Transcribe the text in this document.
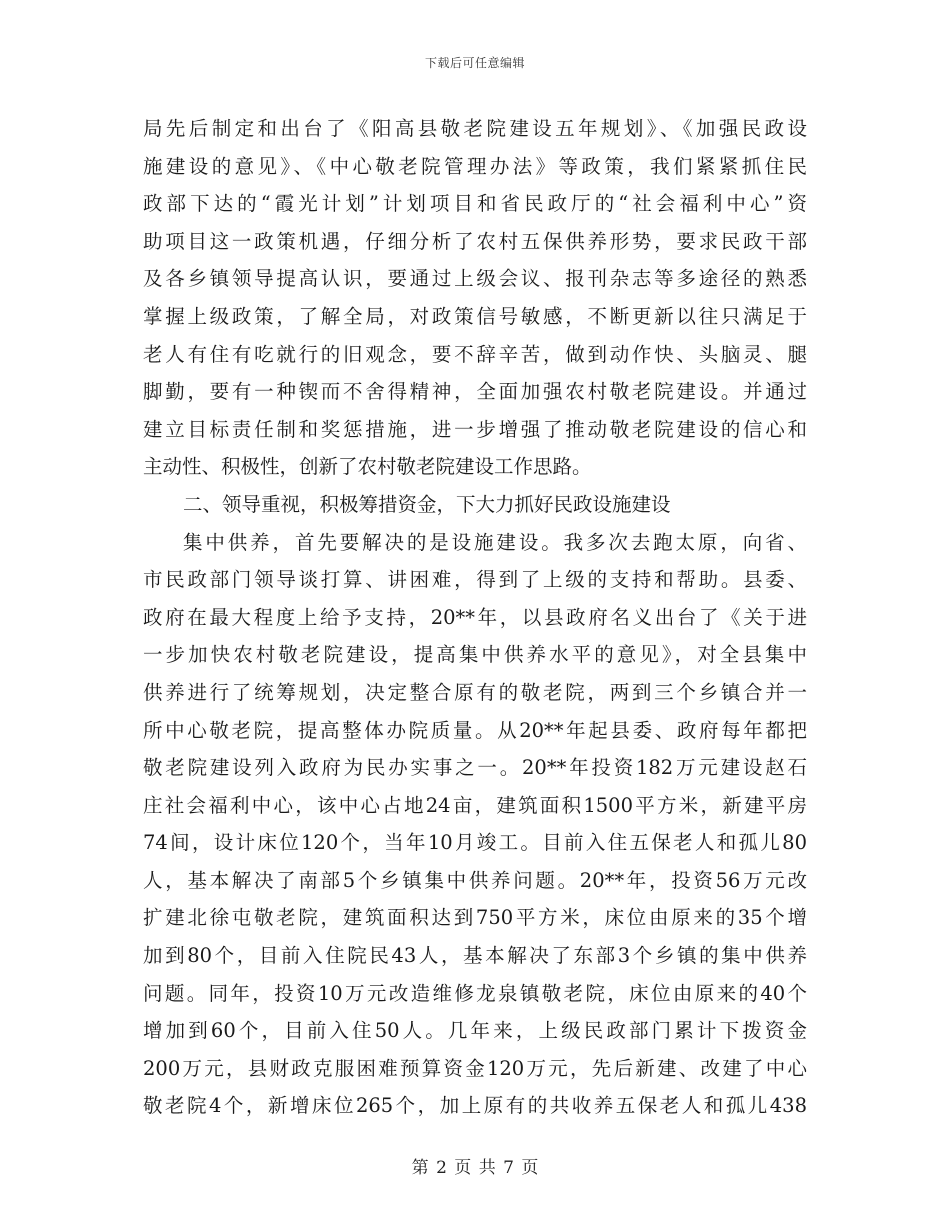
下载后可任意编辑
局先后制定和出台了《阳高县敬老院建设五年规划》、《加强民政设
施建设的意见》、《中心敬老院管理办法》等政策，我们紧紧抓住民
政部下达的“霞光计划”计划项目和省民政厅的“社会福利中心”资
助项目这一政策机遇，仔细分析了农村五保供养形势，要求民政干部
及各乡镇领导提高认识，要通过上级会议、报刊杂志等多途径的熟悉
掌握上级政策，了解全局，对政策信号敏感，不断更新以往只满足于
老人有住有吃就行的旧观念，要不辞辛苦，做到动作快、头脑灵、腿
脚勤，要有一种锲而不舍得精神，全面加强农村敬老院建设。并通过
建立目标责任制和奖惩措施，进一步增强了推动敬老院建设的信心和
主动性、积极性，创新了农村敬老院建设工作思路。
二、领导重视，积极筹措资金，下大力抓好民政设施建设
集中供养，首先要解决的是设施建设。我多次去跑太原，向省、
市民政部门领导谈打算、讲困难，得到了上级的支持和帮助。县委、
政府在最大程度上给予支持，20**年，以县政府名义出台了《关于进
一步加快农村敬老院建设，提高集中供养水平的意见》，对全县集中
供养进行了统筹规划，决定整合原有的敬老院，两到三个乡镇合并一
所中心敬老院，提高整体办院质量。从20**年起县委、政府每年都把
敬老院建设列入政府为民办实事之一。20**年投资182万元建设赵石
庄社会福利中心，该中心占地24亩，建筑面积1500平方米，新建平房
74间，设计床位120个，当年10月竣工。目前入住五保老人和孤儿80
人，基本解决了南部5个乡镇集中供养问题。20**年，投资56万元改
扩建北徐屯敬老院，建筑面积达到750平方米，床位由原来的35个增
加到80个，目前入住院民43人，基本解决了东部3个乡镇的集中供养
问题。同年，投资10万元改造维修龙泉镇敬老院，床位由原来的40个
增加到60个，目前入住50人。几年来，上级民政部门累计下拨资金
200万元，县财政克服困难预算资金120万元，先后新建、改建了中心
敬老院4个，新增床位265个，加上原有的共收养五保老人和孤儿438
第 2 页 共 7 页
